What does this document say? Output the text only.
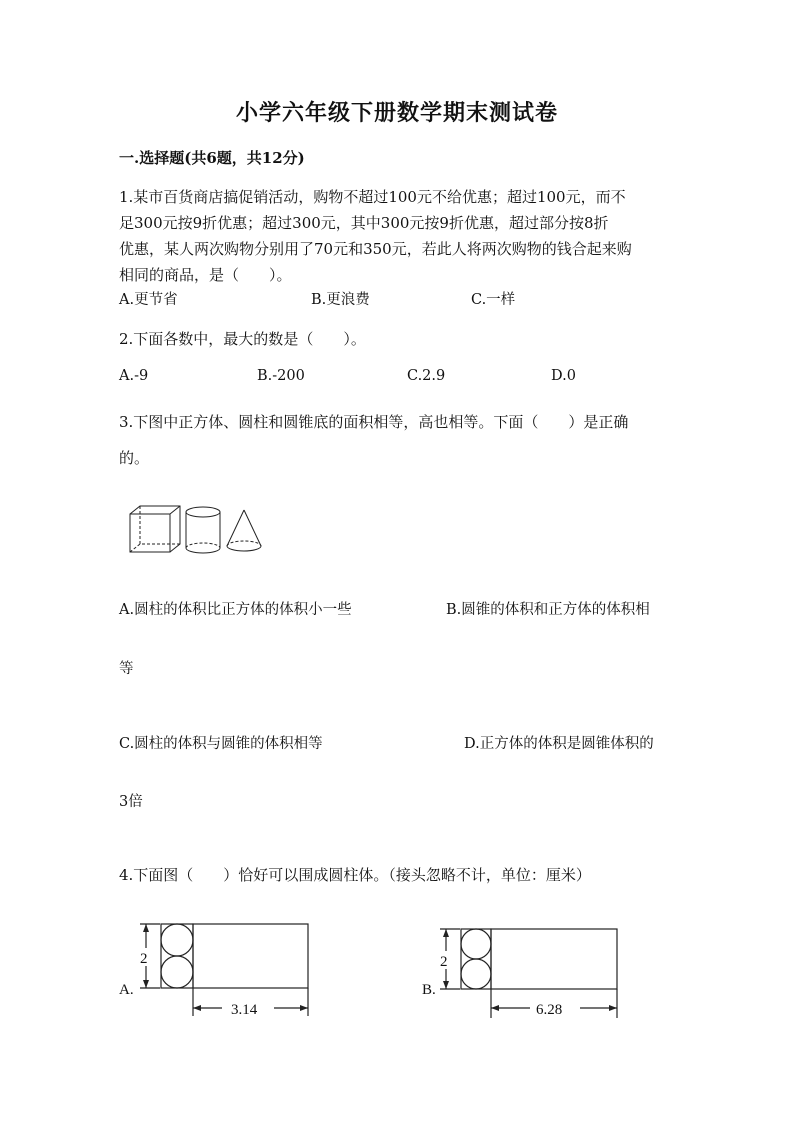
小学六年级下册数学期末测试卷
一.选择题(共6题，共12分)
1.某市百货商店搞促销活动，购物不超过100元不给优惠；超过100元，而不
足300元按9折优惠；超过300元，其中300元按9折优惠，超过部分按8折
优惠，某人两次购物分别用了70元和350元，若此人将两次购物的钱合起来购
相同的商品，是（　　）。
A.更节省	B.更浪费	C.一样
2.下面各数中，最大的数是（　　）。
A.-9	B.-200	C.2.9	D.0
3.下图中正方体、圆柱和圆锥底的面积相等，高也相等。下面（　　）是正确
的。
A.圆柱的体积比正方体的体积小一些	B.圆锥的体积和正方体的体积相
等
C.圆柱的体积与圆锥的体积相等	D.正方体的体积是圆锥体积的
3倍
4.下面图（　　）恰好可以围成圆柱体。（接头忽略不计，单位：厘米）
A.
2
3.14
B.
2
6.28
